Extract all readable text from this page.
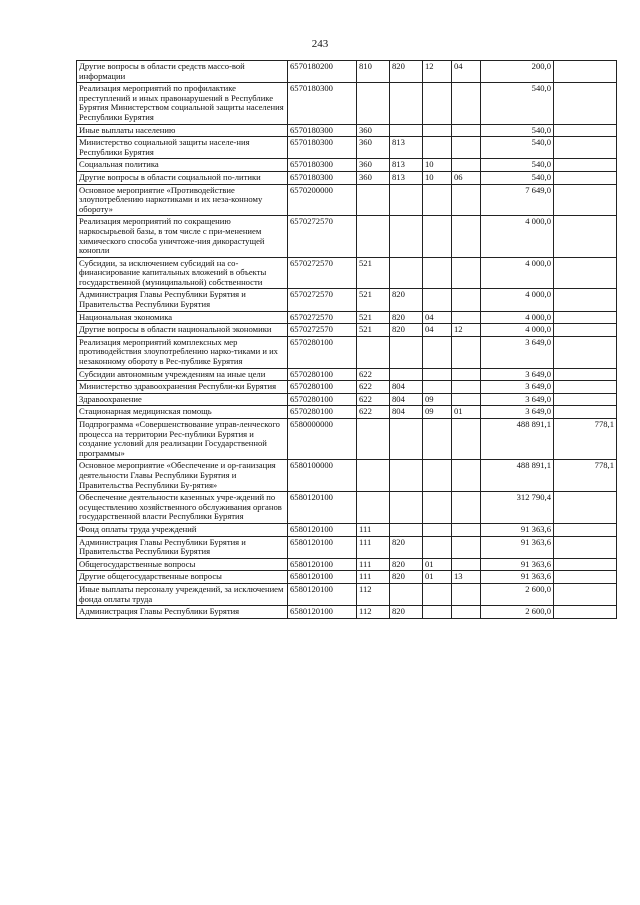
243
Другие вопросы в области средств массо-вой информации	6570180200	810	820	12	04	200,0	
Реализация мероприятий по профилактике преступлений и иных правонарушений в Республике Бурятия Министерством социальной защиты населения Республики Бурятия	6570180300					540,0	
Иные выплаты населению	6570180300	360				540,0	
Министерство социальной защиты населе-ния Республики Бурятия	6570180300	360	813			540,0	
Социальная политика	6570180300	360	813	10		540,0	
Другие вопросы в области социальной по-литики	6570180300	360	813	10	06	540,0	
Основное мероприятие «Противодействие злоупотреблению наркотиками и их неза-конному обороту»	6570200000					7 649,0	
Реализация мероприятий по сокращению наркосырьевой базы, в том числе с при-менением химического способа уничтоже-ния дикорастущей конопли	6570272570					4 000,0	
Субсидии, за исключением субсидий на со-финансирование капитальных вложений в объекты государственной (муниципальной) собственности	6570272570	521				4 000,0	
Администрация Главы Республики Бурятия и Правительства Республики Бурятия	6570272570	521	820			4 000,0	
Национальная экономика	6570272570	521	820	04		4 000,0	
Другие вопросы в области национальной экономики	6570272570	521	820	04	12	4 000,0	
Реализация мероприятий комплексных мер противодействия злоупотреблению нарко-тиками и их незаконному обороту в Рес-публике Бурятия	6570280100					3 649,0	
Субсидии автономным учреждениям на иные цели	6570280100	622				3 649,0	
Министерство здравоохранения Республи-ки Бурятия	6570280100	622	804			3 649,0	
Здравоохранение	6570280100	622	804	09		3 649,0	
Стационарная медицинская помощь	6570280100	622	804	09	01	3 649,0	
Подпрограмма «Совершенствование управ-ленческого процесса на территории Рес-публики Бурятия и создание условий для реализации Государственной программы»	6580000000					488 891,1	778,1
Основное мероприятие «Обеспечение и ор-ганизация деятельности Главы Республики Бурятия и Правительства Республики Бу-рятия»	6580100000					488 891,1	778,1
Обеспечение деятельности казенных учре-ждений по осуществлению хозяйственного обслуживания органов государственной власти Республики Бурятия	6580120100					312 790,4	
Фонд оплаты труда учреждений	6580120100	111				91 363,6	
Администрация Главы Республики Бурятия и Правительства Республики Бурятия	6580120100	111	820			91 363,6	
Общегосударственные вопросы	6580120100	111	820	01		91 363,6	
Другие общегосударственные вопросы	6580120100	111	820	01	13	91 363,6	
Иные выплаты персоналу учреждений, за исключением фонда оплаты труда	6580120100	112				2 600,0	
Администрация Главы Республики Бурятия	6580120100	112	820			2 600,0	
